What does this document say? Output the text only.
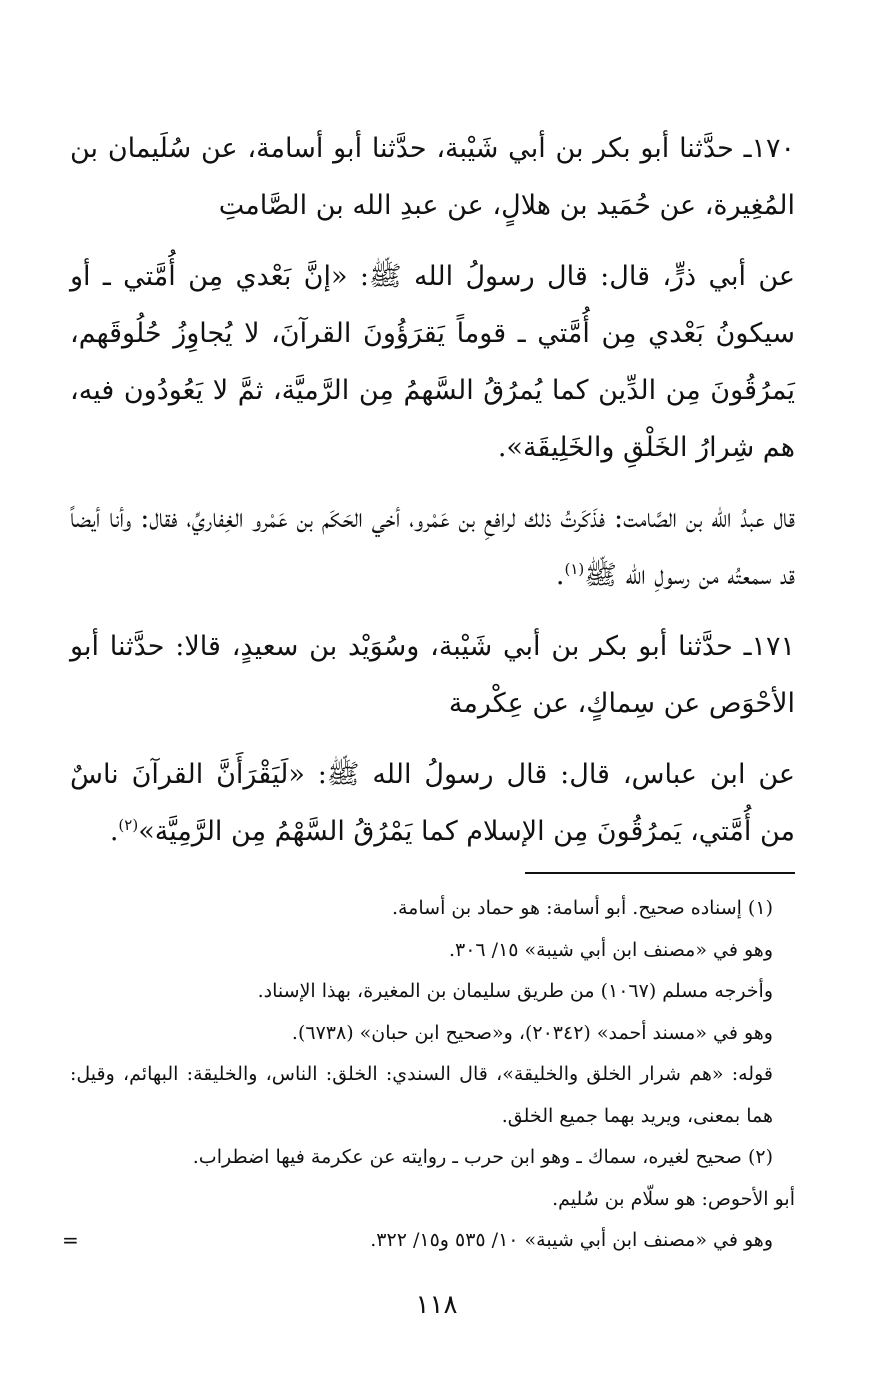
١٧٠ـ حدَّثنا أبو بكر بن أبي شَيْبة، حدَّثنا أبو أسامة، عن سُلَيمان بن المُغِيرة، عن حُمَيد بن هلالٍ، عن عبدِ الله بن الصَّامتِ

عن أبي ذرٍّ، قال: قال رسولُ الله ﷺ: «إنَّ بَعْدي مِن أُمَّتي ـ أو سيكونُ بَعْدي مِن أُمَّتي ـ قوماً يَقرَؤُونَ القرآنَ، لا يُجاوِزُ حُلُوقَهم، يَمرُقُونَ مِن الدِّين كما يُمرُقُ السَّهمُ مِن الرَّميَّة، ثمَّ لا يَعُودُون فيه، هم شِرارُ الخَلْقِ والخَلِيقَة».

قال عبدُ الله بن الصَّامت: فذَكَرتُ ذلك لرافعِ بن عَمْرو، أخي الحَكَم بن عَمْرو الغِفاريِّ، فقال: وأنا أيضاً قد سمعتُه من رسولِ الله ﷺ$^{(١)}$.

١٧١ـ حدَّثنا أبو بكر بن أبي شَيْبة، وسُوَيْد بن سعيدٍ، قالا: حدَّثنا أبو الأحْوَص عن سِماكٍ، عن عِكْرمة

عن ابن عباس، قال: قال رسولُ الله ﷺ: «لَيَقْرَأَنَّ القرآنَ ناسٌ من أُمَّتي، يَمرُقُونَ مِن الإسلام كما يَمْرُقُ السَّهْمُ مِن الرَّمِيَّة»$^{(٢)}$.

(١) إسناده صحيح. أبو أسامة: هو حماد بن أسامة.

وهو في «مصنف ابن أبي شيبة» ١٥/ ٣٠٦.

وأخرجه مسلم (١٠٦٧) من طريق سليمان بن المغيرة، بهذا الإسناد.

وهو في «مسند أحمد» (٢٠٣٤٢)، و«صحيح ابن حبان» (٦٧٣٨).

قوله: «هم شرار الخلق والخليقة»، قال السندي: الخلق: الناس، والخليقة: البهائم، وقيل: هما بمعنى، ويريد بهما جميع الخلق.

(٢) صحيح لغيره، سماك ـ وهو ابن حرب ـ روايته عن عكرمة فيها اضطراب.

أبو الأحوص: هو سلّام بن سُليم.

وهو في «مصنف ابن أبي شيبة» ١٠/ ٥٣٥ و١٥/ ٣٢٢.

=
١١٨
